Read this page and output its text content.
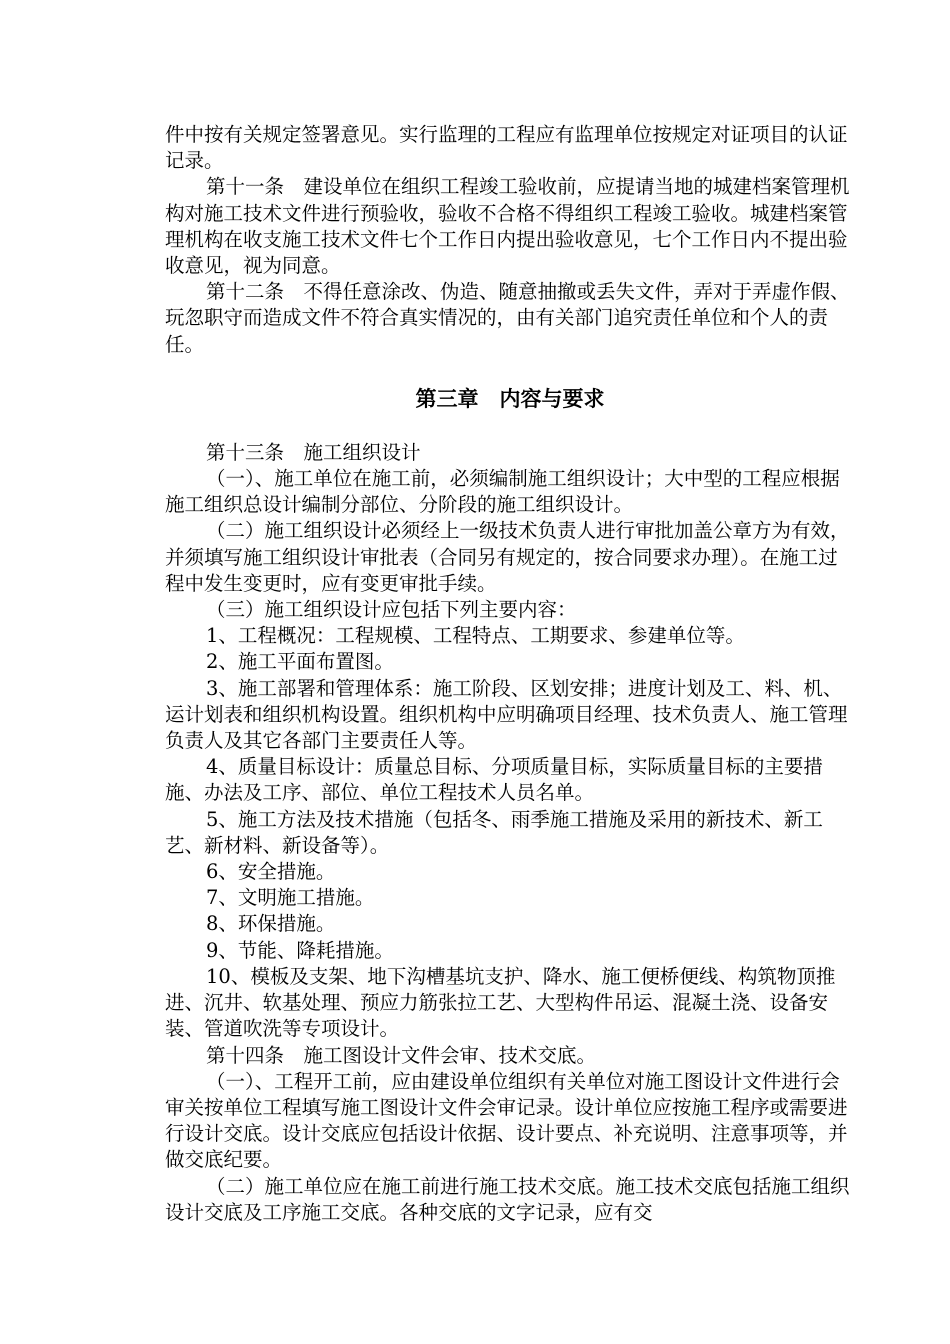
件中按有关规定签署意见。实行监理的工程应有监理单位按规定对证项目的认证记录。

第十一条　建设单位在组织工程竣工验收前，应提请当地的城建档案管理机构对施工技术文件进行预验收，验收不合格不得组织工程竣工验收。城建档案管理机构在收支施工技术文件七个工作日内提出验收意见，七个工作日内不提出验收意见，视为同意。

第十二条　不得任意涂改、伪造、随意抽撤或丢失文件，弄对于弄虚作假、玩忽职守而造成文件不符合真实情况的，由有关部门追究责任单位和个人的责任。

第三章　内容与要求

第十三条　施工组织设计

（一）、施工单位在施工前，必须编制施工组织设计；大中型的工程应根据施工组织总设计编制分部位、分阶段的施工组织设计。

（二）施工组织设计必须经上一级技术负责人进行审批加盖公章方为有效，并须填写施工组织设计审批表（合同另有规定的，按合同要求办理）。在施工过程中发生变更时，应有变更审批手续。

（三）施工组织设计应包括下列主要内容：

1、工程概况：工程规模、工程特点、工期要求、参建单位等。

2、施工平面布置图。

3、施工部署和管理体系：施工阶段、区划安排；进度计划及工、料、机、运计划表和组织机构设置。组织机构中应明确项目经理、技术负责人、施工管理负责人及其它各部门主要责任人等。

4、质量目标设计：质量总目标、分项质量目标，实际质量目标的主要措施、办法及工序、部位、单位工程技术人员名单。

5、施工方法及技术措施（包括冬、雨季施工措施及采用的新技术、新工艺、新材料、新设备等）。

6、安全措施。

7、文明施工措施。

8、环保措施。

9、节能、降耗措施。

10、模板及支架、地下沟槽基坑支护、降水、施工便桥便线、构筑物顶推进、沉井、软基处理、预应力筋张拉工艺、大型构件吊运、混凝土浇、设备安装、管道吹洗等专项设计。

第十四条　施工图设计文件会审、技术交底。

（一）、工程开工前，应由建设单位组织有关单位对施工图设计文件进行会审关按单位工程填写施工图设计文件会审记录。设计单位应按施工程序或需要进行设计交底。设计交底应包括设计依据、设计要点、补充说明、注意事项等，并做交底纪要。

（二）施工单位应在施工前进行施工技术交底。施工技术交底包括施工组织设计交底及工序施工交底。各种交底的文字记录，应有交
